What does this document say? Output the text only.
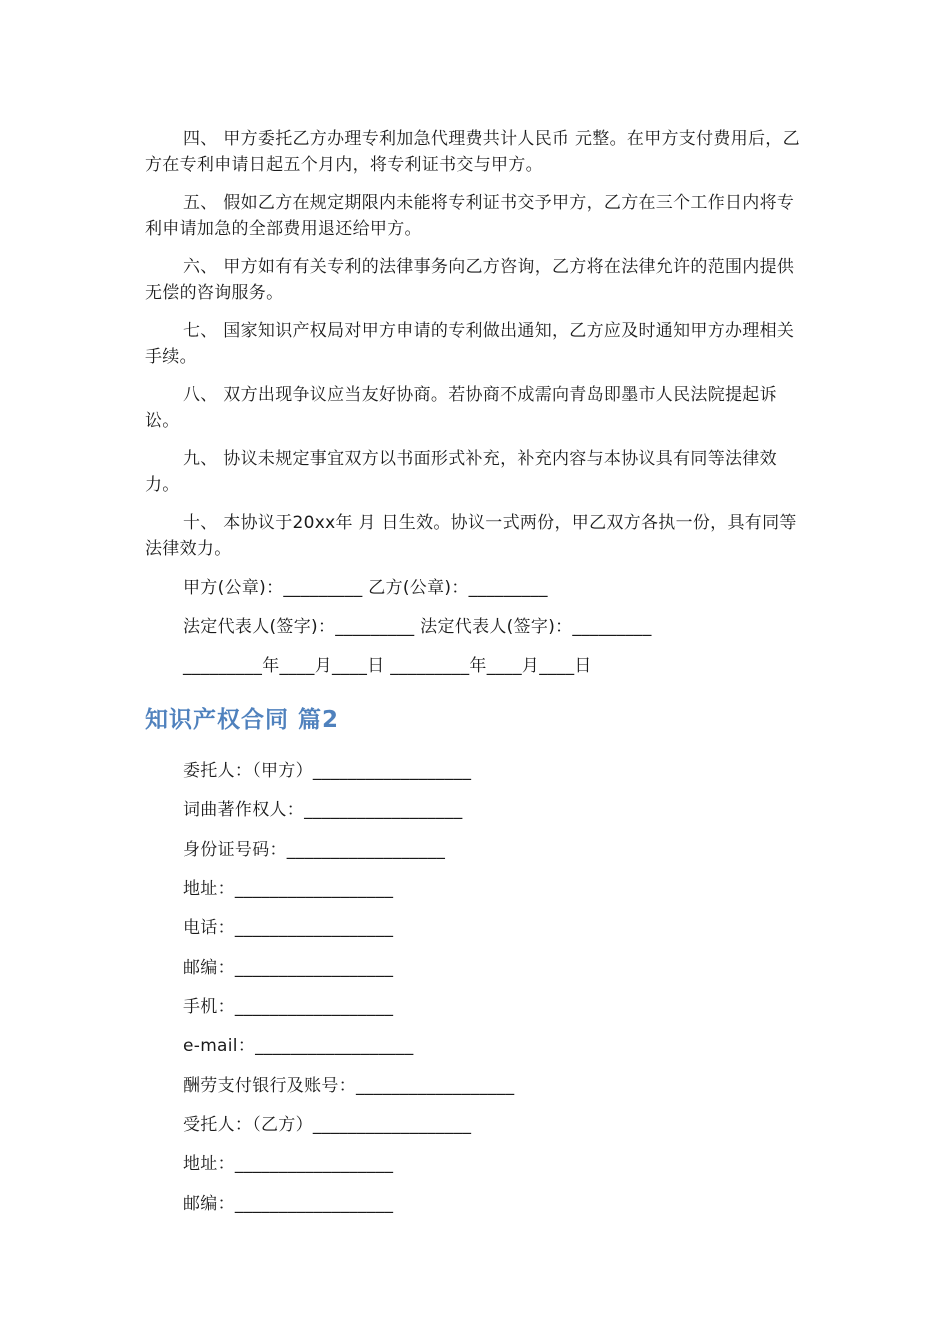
四、 甲方委托乙方办理专利加急代理费共计人民币 元整。在甲方支付费用后，乙方在专利申请日起五个月内，将专利证书交与甲方。

五、 假如乙方在规定期限内未能将专利证书交予甲方，乙方在三个工作日内将专利申请加急的全部费用退还给甲方。

六、 甲方如有有关专利的法律事务向乙方咨询，乙方将在法律允许的范围内提供无偿的咨询服务。

七、 国家知识产权局对甲方申请的专利做出通知，乙方应及时通知甲方办理相关手续。

八、 双方出现争议应当友好协商。若协商不成需向青岛即墨市人民法院提起诉讼。

九、 协议未规定事宜双方以书面形式补充，补充内容与本协议具有同等法律效力。

十、 本协议于20xx年 月 日生效。协议一式两份，甲乙双方各执一份，具有同等法律效力。

甲方(公章)：_________ 乙方(公章)：_________

法定代表人(签字)：_________ 法定代表人(签字)：_________

_________年____月____日 _________年____月____日

知识产权合同 篇2

委托人：（甲方）__________________

词曲著作权人：__________________

身份证号码：__________________

地址：__________________

电话：__________________

邮编：__________________

手机：__________________

e-mail：__________________

酬劳支付银行及账号：__________________

受托人：（乙方）__________________

地址：__________________

邮编：__________________
